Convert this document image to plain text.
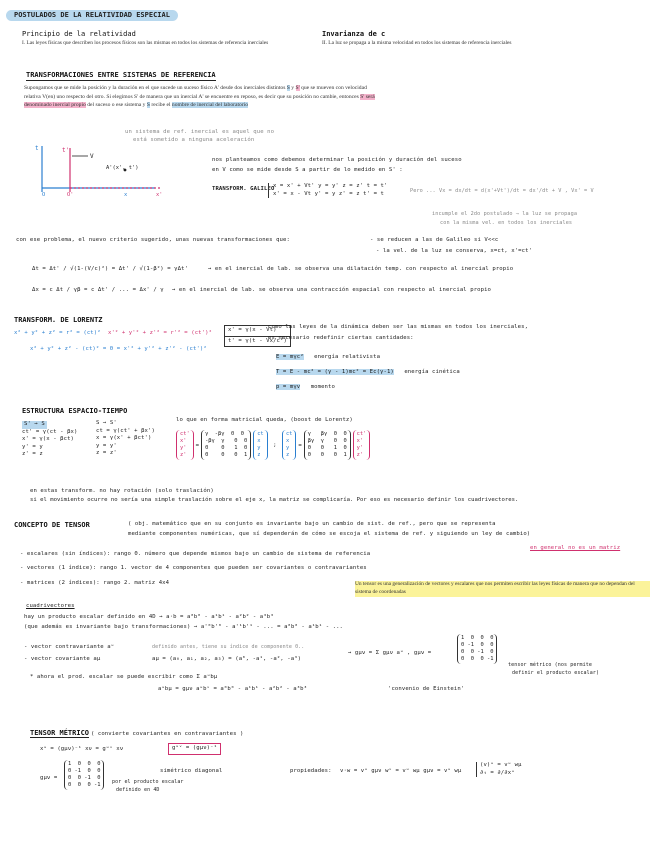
POSTULADOS DE LA RELATIVIDAD ESPECIAL
Principio de la relatividad
I. Las leyes físicas que describen los procesos físicos son las mismas en todos los sistemas de referencia inerciales
Invarianza de c
II. La luz se propaga a la misma velocidad en todos los sistemas de referencia inerciales
TRANSFORMACIONES ENTRE SISTEMAS DE REFERENCIA
Supongamos que se mide la posición y la duración en el que sucede un suceso físico A' desde dos inerciales distintos S y S' que se mueven con velocidad relativa V(en) uno respecto del otro. Si elegimos S' de manera que un inercial A' se encuentre en reposo, es decir que su posición no cambie, entonces S' será denominado inercial propio del suceso o ese sistema y S recibe el nombre de inercial del laboratorio
un sistema de ref. inercial es aquel que no
está sometido a ninguna aceleración
t	t'
V
A'(x', t')
O	O'	x	x'
nos planteamos como debemos determinar la posición y duración del suceso
en V como se mide desde S a partir de lo medido en S' :
TRANSFORM. GALILEO
x = x' + Vt' y = y' z = z' t = t'
x' = x - Vt y' = y z' = z t' = t	Pero ... Vx = dx/dt = d(x'+Vt')/dt = dx'/dt + V , Vx' = V
incumple el 2do postulado → la luz se propaga
con la misma vel. en todos los inerciales
con ese problema, el nuevo criterio sugerido, unas nuevas transformaciones que:	- se reducen a las de Galileo si V<<c
- la vel. de la luz se conserva, x=ct, x'=ct'
Δt = Δt' / √(1-(V/c)²) = Δt' / √(1-β²) = γΔt'	→ en el inercial de lab. se observa una dilatación temp. con respecto al inercial propio
Δx = c Δt / γβ = c Δt' / ... = Δx' / γ → en el inercial de lab. se observa una contracción espacial con respecto al inercial propio
TRANSFORM. DE LORENTZ
x² + y² + z² = r² = (ct)² x'² + y'² + z'² = r'² = (ct')²
x² + y² + z² - (ct)² = 0 = x'² + y'² + z'² - (ct')²
x' = γ(x - Vt)
t' = γ(t - Vx/c²)
como las leyes de la dinámica deben ser las mismas en todos los inerciales,
es necesario redefinir ciertas cantidades:
E = mγc² energía relativista
T = E - mc² = (γ - 1)mc² = Ec(γ-1) energía cinética
p = mγv momento
ESTRUCTURA ESPACIO-TIEMPO
S' → S
ct' = γ(ct - βx)
x' = γ(x - βct)
y' = y
z' = z
S → S'
ct = γ(ct' + βx')
x = γ(x' + βct')
y = y'
z = z'
lo que en forma matricial queda, (boost de Lorentz)
ct'
x'
y'
z'
=
γ  -βγ  0  0
-βγ  γ   0  0
0    0   1  0
0    0   0  1

ct
x
y
z
;
ct
x
y
z
=
γ   βγ  0  0
βγ  γ   0  0
0   0   1  0
0   0   0  1

ct'
x'
y'
z'
en estas transform. no hay rotación (solo traslación)
si el movimiento ocurre no sería una simple traslación sobre el eje x, la matriz se complicaría. Por eso es necesario definir los cuadrivectores.
CONCEPTO DE TENSOR	( obj. matemático que en su conjunto es invariante bajo un cambio de sist. de ref., pero que se representa
mediante componentes numéricas, que sí dependerán de cómo se escoja el sistema de ref. y siguiendo un ley de cambio)
en general no es un matriz
- escalares (sin índices): rango 0. número que depende mismos bajo un cambio de sistema de referencia
- vectores (1 índice): rango 1. vector de 4 componentes que pueden ser covariantes o contravariantes
- matrices (2 índices): rango 2. matriz 4x4	Un tensor es una generalización de vectores y escalares que nos permiten escribir las leyes físicas de manera que no dependan del sistema de coordenadas
cuadrivectores
hay un producto escalar definido en 4D → a·b = a⁰b⁰ - a¹b¹ - a²b² - a³b³
(que además es invariante bajo transformaciones) → a'⁰b'⁰ - a'¹b'¹ - ... = a⁰b⁰ - a¹b¹ - ...
- vector contravariante aᵘ	definido antes, tiene su índice de componente 0..
→ gμν = Σ gμν aᵘ , gμν =
1  0  0  0
0 -1  0  0
0  0 -1  0
0  0  0 -1
tensor métrico (nos permite
definir el producto escalar)
- vector covariante aμ	aμ = (a₀, a₁, a₂, a₃) = (a⁰, -a¹, -a², -a³)
* ahora el prod. escalar se puede escribir como Σ aᵘbμ
aᵘbμ = gμν aᵘbᵛ = a⁰b⁰ - a¹b¹ - a²b² - a³b³	'convenio de Einstein'
TENSOR MÉTRICO ( convierte covariantes en contravariantes )
xᵘ = (gμν)⁻¹ xν = gᵘᵛ xν	gᵘᵛ = (gμν)⁻¹
gμν =
1  0  0  0
0 -1  0  0
0  0 -1  0
0  0  0 -1
simétrico diagonal
por el producto escalar
definido en 4D
propiedades: v·w = vᵘ gμν wᵛ = vᵘ wμ gμν = vᵘ wμ
(v)ᵘ = vᵘ wμ
∂ₜ = ∂/∂xᵘ
